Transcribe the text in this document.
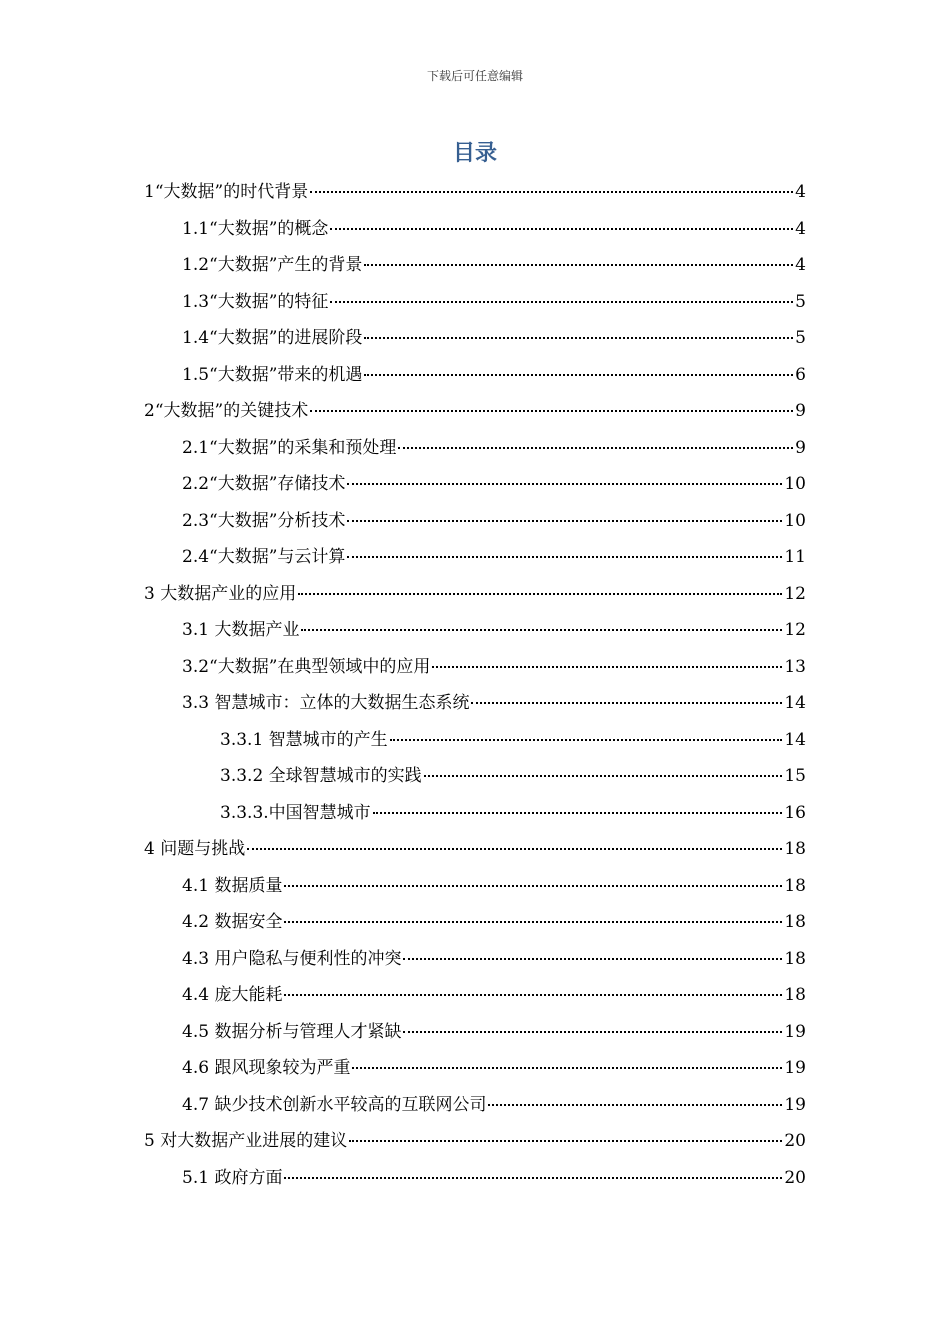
下载后可任意编辑
目录
1“大数据”的时代背景	4
1.1“大数据”的概念	4
1.2“大数据”产生的背景	4
1.3“大数据”的特征	5
1.4“大数据”的进展阶段	5
1.5“大数据”带来的机遇	6
2“大数据”的关键技术	9
2.1“大数据”的采集和预处理	9
2.2“大数据”存储技术	10
2.3“大数据”分析技术	10
2.4“大数据”与云计算	11
3 大数据产业的应用	12
3.1 大数据产业	12
3.2“大数据”在典型领域中的应用	13
3.3 智慧城市：立体的大数据生态系统	14
3.3.1 智慧城市的产生	14
3.3.2 全球智慧城市的实践	15
3.3.3.中国智慧城市	16
4 问题与挑战	18
4.1 数据质量	18
4.2 数据安全	18
4.3 用户隐私与便利性的冲突	18
4.4 庞大能耗	18
4.5 数据分析与管理人才紧缺	19
4.6 跟风现象较为严重	19
4.7 缺少技术创新水平较高的互联网公司	19
5 对大数据产业进展的建议	20
5.1 政府方面	20
